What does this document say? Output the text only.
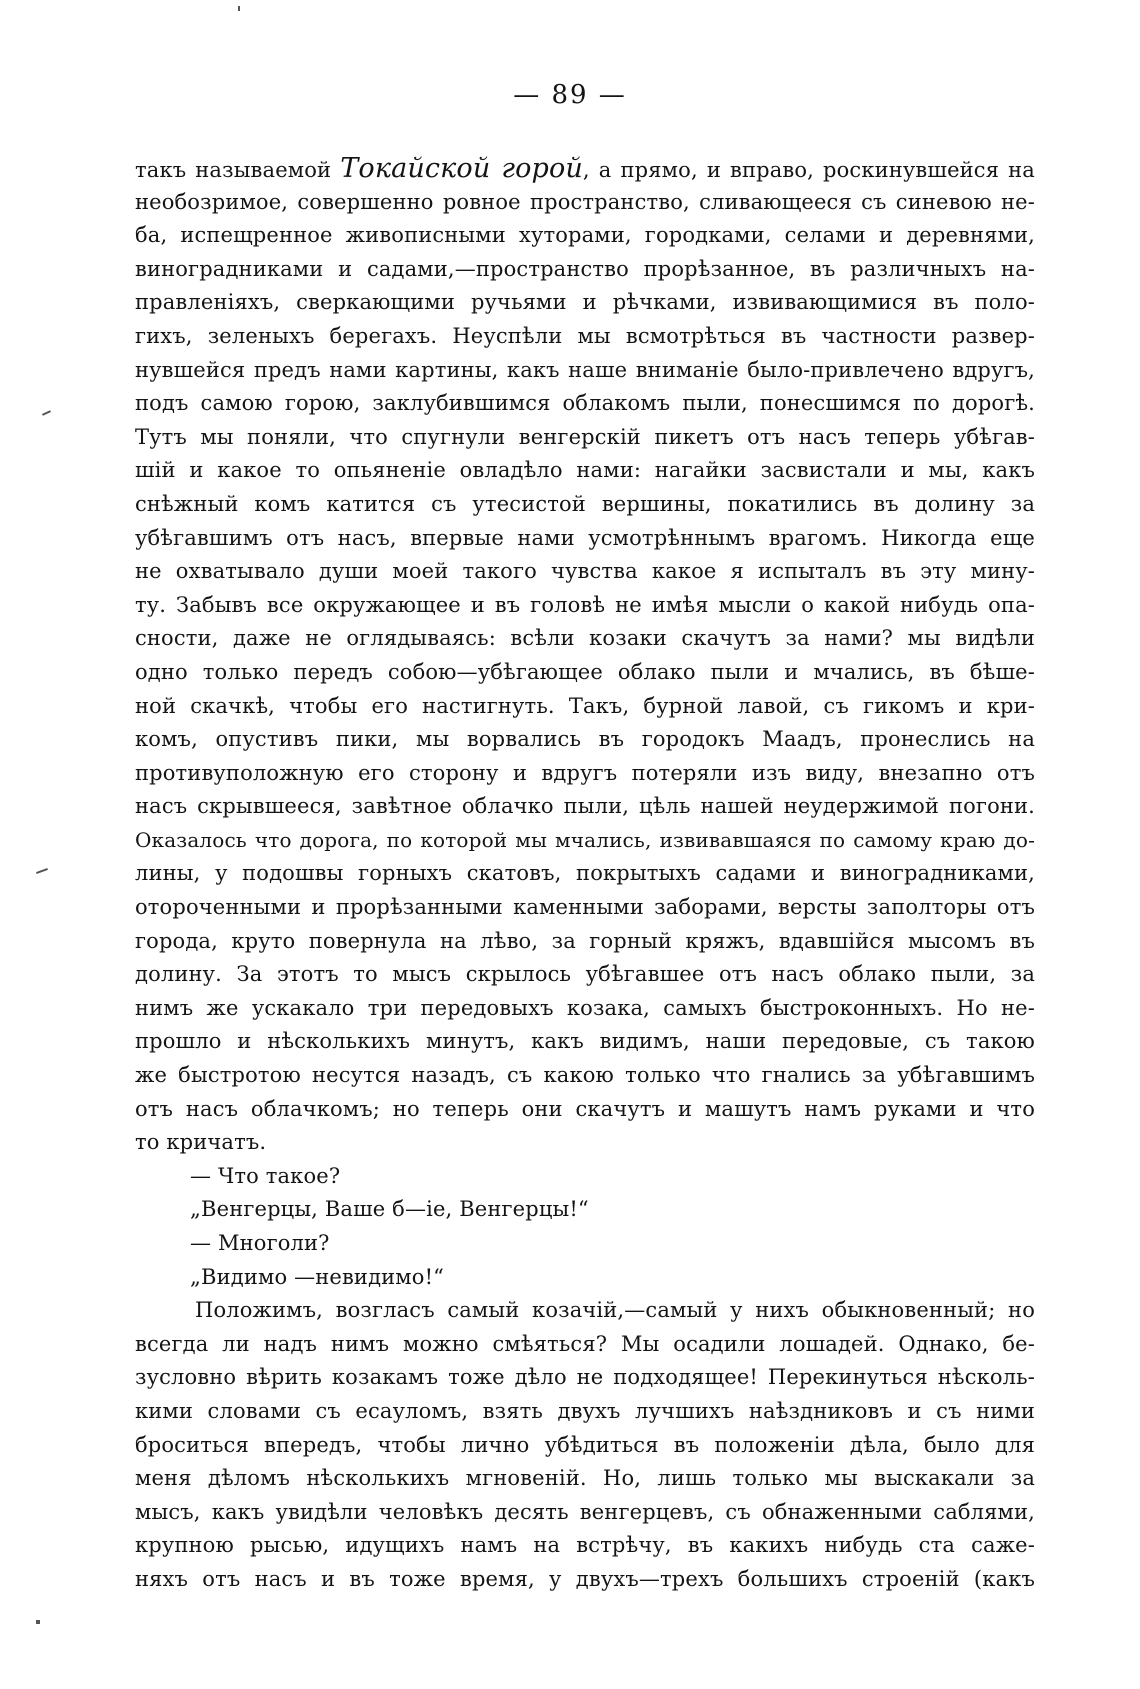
— 89 —
такъ называемой Токайской горой, а прямо, и вправо, роскинувшейся на
необозримое, совершенно ровное пространство, сливающееся съ синевою не-
ба, испещренное живописными хуторами, городками, селами и деревнями,
виноградниками и садами,—пространство прорѣзанное, въ различныхъ на-
правленіяхъ, сверкающими ручьями и рѣчками, извивающимися въ поло-
гихъ, зеленыхъ берегахъ. Неуспѣли мы всмотрѣться въ частности развер-
нувшейся предъ нами картины, какъ наше вниманіе было-привлечено вдругъ,
подъ самою горою, заклубившимся облакомъ пыли, понесшимся по дорогѣ.
Тутъ мы поняли, что спугнули венгерскій пикетъ отъ насъ теперь убѣгав-
шій и какое то опьяненіе овладѣло нами: нагайки засвистали и мы, какъ
снѣжный комъ катится съ утесистой вершины, покатились въ долину за
убѣгавшимъ отъ насъ, впервые нами усмотрѣннымъ врагомъ. Никогда еще
не охватывало души моей такого чувства какое я испыталъ въ эту мину-
ту. Забывъ все окружающее и въ головѣ не имѣя мысли о какой нибудь опа-
сности, даже не оглядываясь: всѣли козаки скачутъ за нами? мы видѣли
одно только передъ собою—убѣгающее облако пыли и мчались, въ бѣше-
ной скачкѣ, чтобы его настигнуть. Такъ, бурной лавой, съ гикомъ и кри-
комъ, опустивъ пики, мы ворвались въ городокъ Маадъ, пронеслись на
противуположную его сторону и вдругъ потеряли изъ виду, внезапно отъ
насъ скрывшееся, завѣтное облачко пыли, цѣль нашей неудержимой погони.
Оказалось что дорога, по которой мы мчались, извивавшаяся по самому краю до-
лины, у подошвы горныхъ скатовъ, покрытыхъ садами и виноградниками,
отороченными и прорѣзанными каменными заборами, версты заполторы отъ
города, круто повернула на лѣво, за горный кряжъ, вдавшійся мысомъ въ
долину. За этотъ то мысъ скрылось убѣгавшее отъ насъ облако пыли, за
нимъ же ускакало три передовыхъ козака, самыхъ быстроконныхъ. Но не-
прошло и нѣсколькихъ минутъ, какъ видимъ, наши передовые, съ такою
же быстротою несутся назадъ, съ какою только что гнались за убѣгавшимъ
отъ насъ облачкомъ; но теперь они скачутъ и машутъ намъ руками и что
то кричатъ.
— Что такое?
„Венгерцы, Ваше б—іе, Венгерцы!“
— Многоли?
„Видимо —невидимо!“
Положимъ, возгласъ самый козачій,—самый у нихъ обыкновенный; но
всегда ли надъ нимъ можно смѣяться? Мы осадили лошадей. Однако, бе-
зусловно вѣрить козакамъ тоже дѣло не подходящее! Перекинуться нѣсколь-
кими словами съ есауломъ, взять двухъ лучшихъ наѣздниковъ и съ ними
броситься впередъ, чтобы лично убѣдиться въ положеніи дѣла, было для
меня дѣломъ нѣсколькихъ мгновеній. Но, лишь только мы выскакали за
мысъ, какъ увидѣли человѣкъ десять венгерцевъ, съ обнаженными саблями,
крупною рысью, идущихъ намъ на встрѣчу, въ какихъ нибудь ста саже-
няхъ отъ насъ и въ тоже время, у двухъ—трехъ большихъ строеній (какъ
